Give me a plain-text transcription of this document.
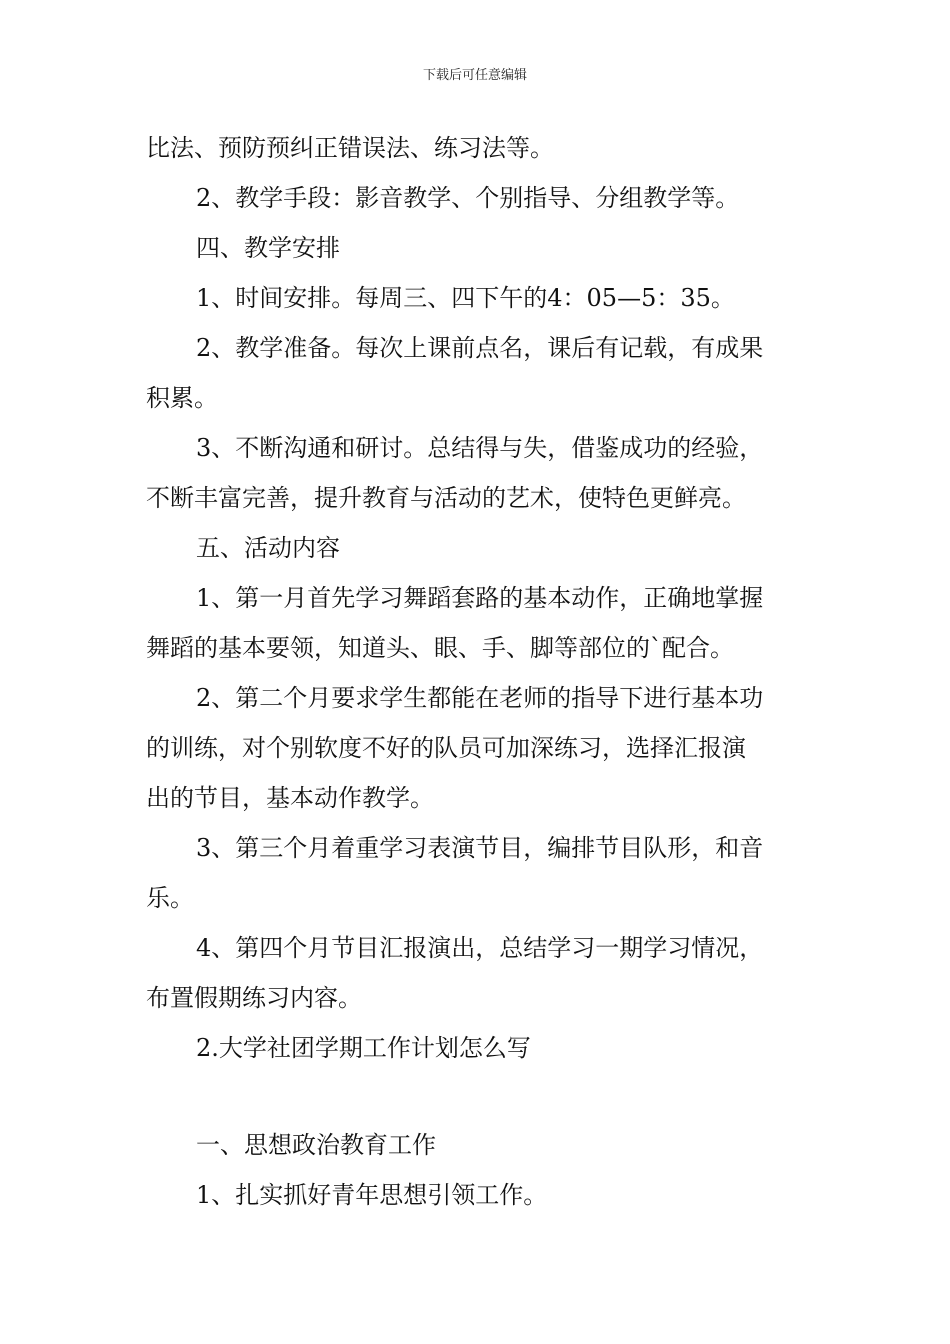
下载后可任意编辑
比法、预防预纠正错误法、练习法等。
2、教学手段：影音教学、个别指导、分组教学等。
四、教学安排
1、时间安排。每周三、四下午的4：05—5：35。
2、教学准备。每次上课前点名，课后有记载，有成果
积累。
3、不断沟通和研讨。总结得与失，借鉴成功的经验，
不断丰富完善，提升教育与活动的艺术，使特色更鲜亮。
五、活动内容
1、第一月首先学习舞蹈套路的基本动作，正确地掌握
舞蹈的基本要领，知道头、眼、手、脚等部位的`配合。
2、第二个月要求学生都能在老师的指导下进行基本功
的训练，对个别软度不好的队员可加深练习，选择汇报演
出的节目，基本动作教学。
3、第三个月着重学习表演节目，编排节目队形，和音
乐。
4、第四个月节目汇报演出，总结学习一期学习情况，
布置假期练习内容。
2.大学社团学期工作计划怎么写
一、思想政治教育工作
1、扎实抓好青年思想引领工作。
